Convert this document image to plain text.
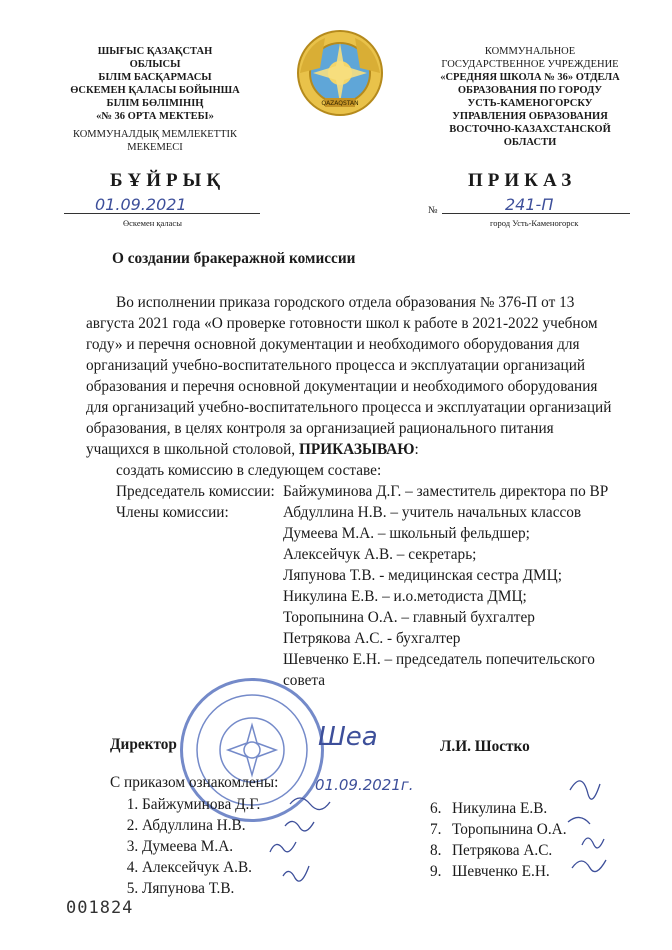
ШЫҒЫС ҚАЗАҚСТАН
ОБЛЫСЫ
БІЛІМ БАСҚАРМАСЫ
ӨСКЕМЕН ҚАЛАСЫ БОЙЫНША
БІЛІМ БӨЛІМІНІҢ
«№ 36 ОРТА МЕКТЕБІ»
КОММУНАЛДЫҚ МЕМЛЕКЕТТІК
МЕКЕМЕСІ
QAZAQSTAN
КОММУНАЛЬНОЕ
ГОСУДАРСТВЕННОЕ УЧРЕЖДЕНИЕ
«СРЕДНЯЯ ШКОЛА № 36» ОТДЕЛА
ОБРАЗОВАНИЯ ПО ГОРОДУ
УСТЬ-КАМЕНОГОРСКУ
УПРАВЛЕНИЯ ОБРАЗОВАНИЯ
ВОСТОЧНО-КАЗАХСТАНСКОЙ
ОБЛАСТИ
БҰЙРЫҚ	ПРИКАЗ
01.09.2021
Өскемен қаласы
№	241-П
город Усть-Каменогорск
О создании бракеражной комиссии
Во исполнении приказа городского отдела образования № 376-П от 13
августа 2021 года «О проверке готовности школ к работе в 2021-2022 учебном
году» и перечня основной документации и необходимого оборудования для
организаций учебно-воспитательного процесса и эксплуатации организаций
образования и перечня основной документации и необходимого оборудования
для организаций учебно-воспитательного процесса и эксплуатации организаций
образования, в целях контроля за организацией рационального питания
учащихся в школьной столовой, ПРИКАЗЫВАЮ:
создать комиссию в следующем составе:
Председатель комиссии: Байжуминова Д.Г. – заместитель директора по ВР
Члены комиссии:	Абдуллина Н.В. – учитель начальных классов
Думеева М.А. – школьный фельдшер;
Алексейчук А.В. – секретарь;
Ляпунова Т.В. - медицинская сестра ДМЦ;
Никулина Е.В. – и.о.методиста ДМЦ;
Торопынина О.А. – главный бухгалтер
Петрякова А.С. - бухгалтер
Шевченко Е.Н. – председатель попечительского
совета
Директор	Шеа	Л.И. Шостко
С приказом ознакомлены: 01.09.2021г.
1. Байжуминова Д.Г.
2. Абдуллина Н.В.
3. Думеева М.А.
4. Алексейчук А.В.
5. Ляпунова Т.В.
6. Никулина Е.В.
7. Торопынина О.А.
8. Петрякова А.С.
9. Шевченко Е.Н.
001824
